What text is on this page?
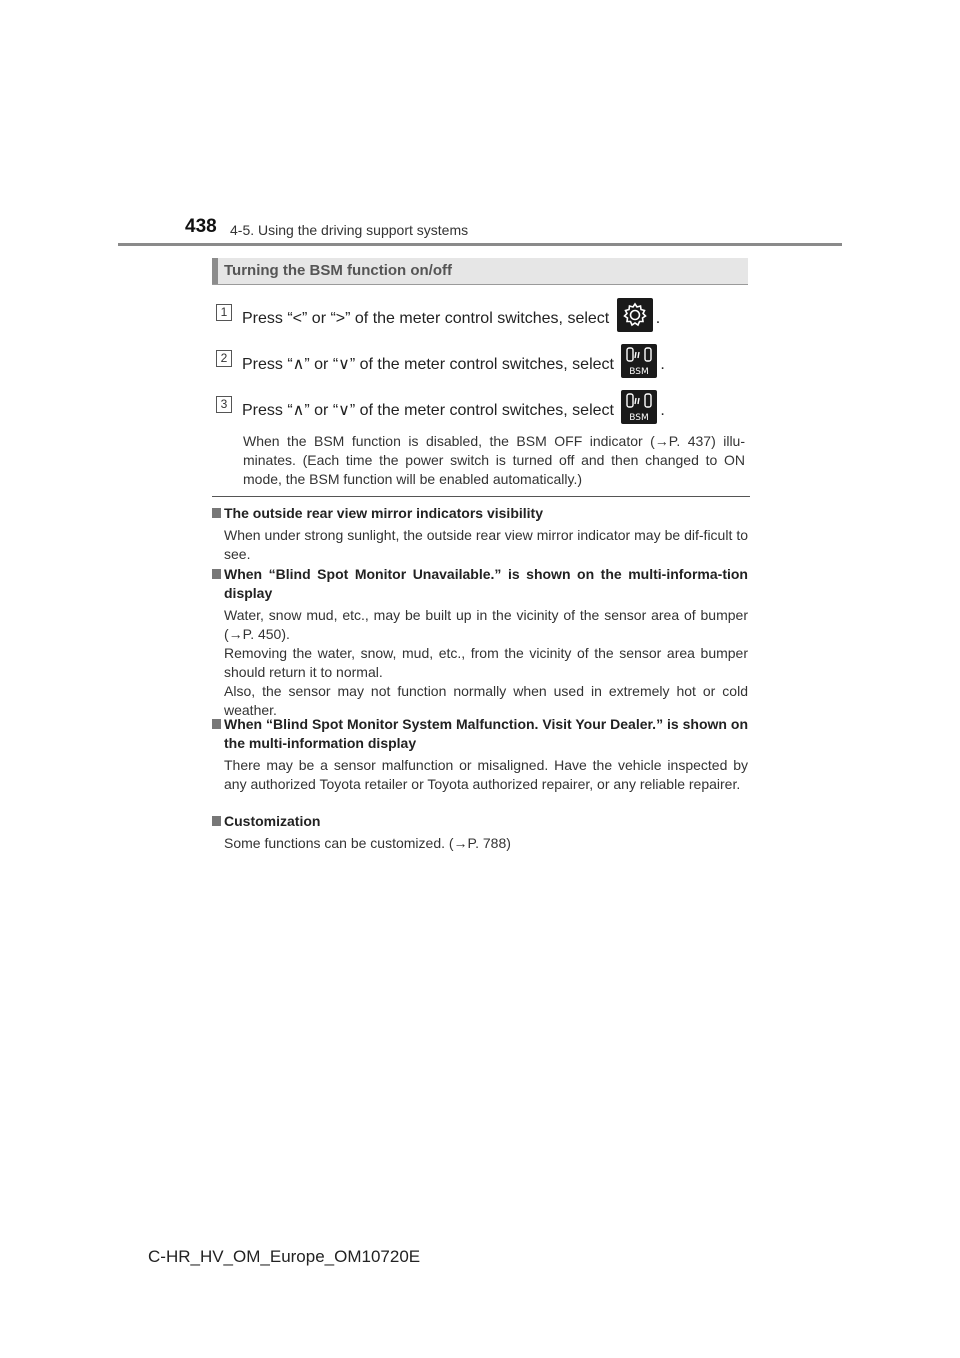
438 4-5. Using the driving support systems
Turning the BSM function on/off
1 Press “<” or “>” of the meter control switches, select	.
2 Press “∧” or “∨” of the meter control switches, select BSM .
3 Press “∧” or “∨” of the meter control switches, select BSM .
When the BSM function is disabled, the BSM OFF indicator (→P. 437) illu-minates. (Each time the power switch is turned off and then changed to ON mode, the BSM function will be enabled automatically.)
The outside rear view mirror indicators visibility
When under strong sunlight, the outside rear view mirror indicator may be dif-ficult to see.
When “Blind Spot Monitor Unavailable.” is shown on the multi-informa-tion display
Water, snow mud, etc., may be built up in the vicinity of the sensor area of bumper (→P. 450).
Removing the water, snow, mud, etc., from the vicinity of the sensor area bumper should return it to normal.
Also, the sensor may not function normally when used in extremely hot or cold weather.
When “Blind Spot Monitor System Malfunction. Visit Your Dealer.” is shown on the multi-information display
There may be a sensor malfunction or misaligned. Have the vehicle inspected by any authorized Toyota retailer or Toyota authorized repairer, or any reliable repairer.
Customization
Some functions can be customized. (→P. 788)
C-HR_HV_OM_Europe_OM10720E
